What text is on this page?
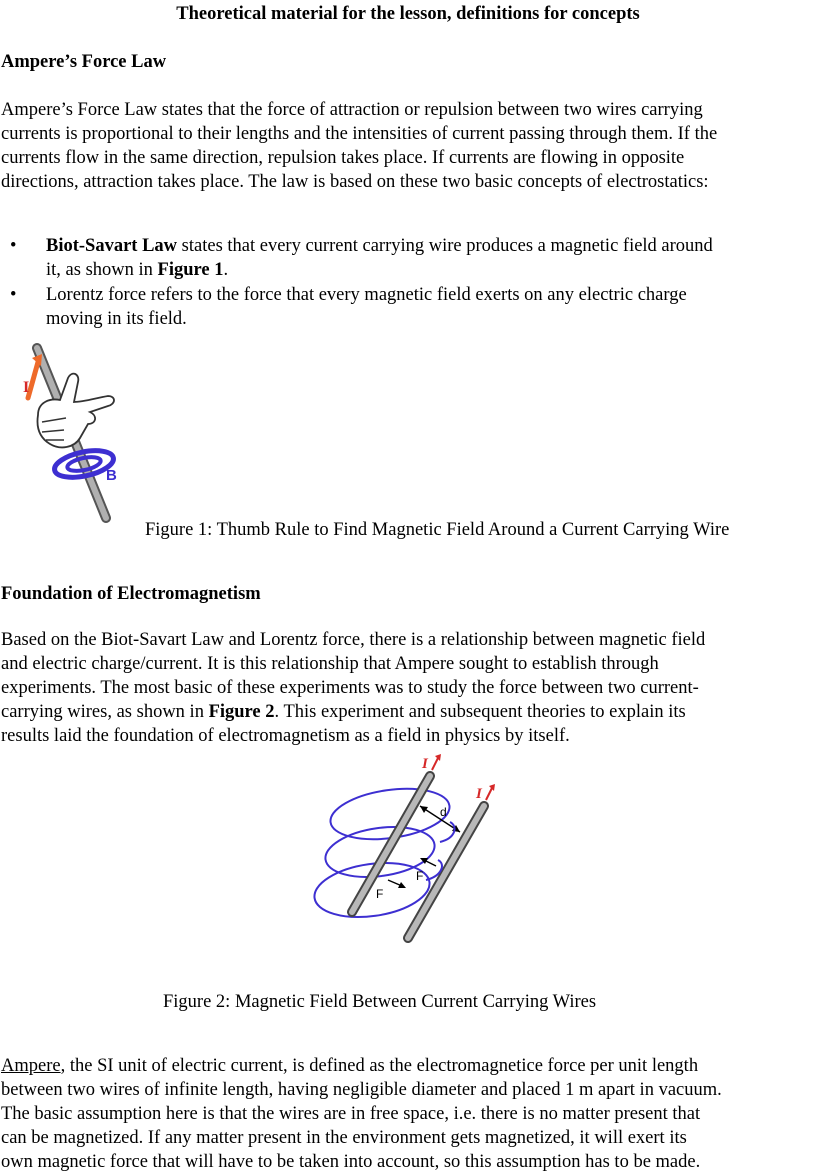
Theoretical material for the lesson, definitions for concepts
Ampere’s Force Law
Ampere’s Force Law states that the force of attraction or repulsion between two wires carrying
currents is proportional to their lengths and the intensities of current passing through them. If the
currents flow in the same direction, repulsion takes place. If currents are flowing in opposite
directions, attraction takes place. The law is based on these two basic concepts of electrostatics:
• Biot-Savart Law states that every current carrying wire produces a magnetic field around
it, as shown in Figure 1.
• Lorentz force refers to the force that every magnetic field exerts on any electric charge
moving in its field.
I
B
Figure 1: Thumb Rule to Find Magnetic Field Around a Current Carrying Wire
Foundation of Electromagnetism
Based on the Biot-Savart Law and Lorentz force, there is a relationship between magnetic field
and electric charge/current. It is this relationship that Ampere sought to establish through
experiments. The most basic of these experiments was to study the force between two current-
carrying wires, as shown in Figure 2. This experiment and subsequent theories to explain its
results laid the foundation of electromagnetism as a field in physics by itself.
I
I
d
F
F
Figure 2: Magnetic Field Between Current Carrying Wires
Ampere, the SI unit of electric current, is defined as the electromagnetice force per unit length
between two wires of infinite length, having negligible diameter and placed 1 m apart in vacuum.
The basic assumption here is that the wires are in free space, i.e. there is no matter present that
can be magnetized. If any matter present in the environment gets magnetized, it will exert its
own magnetic force that will have to be taken into account, so this assumption has to be made.
